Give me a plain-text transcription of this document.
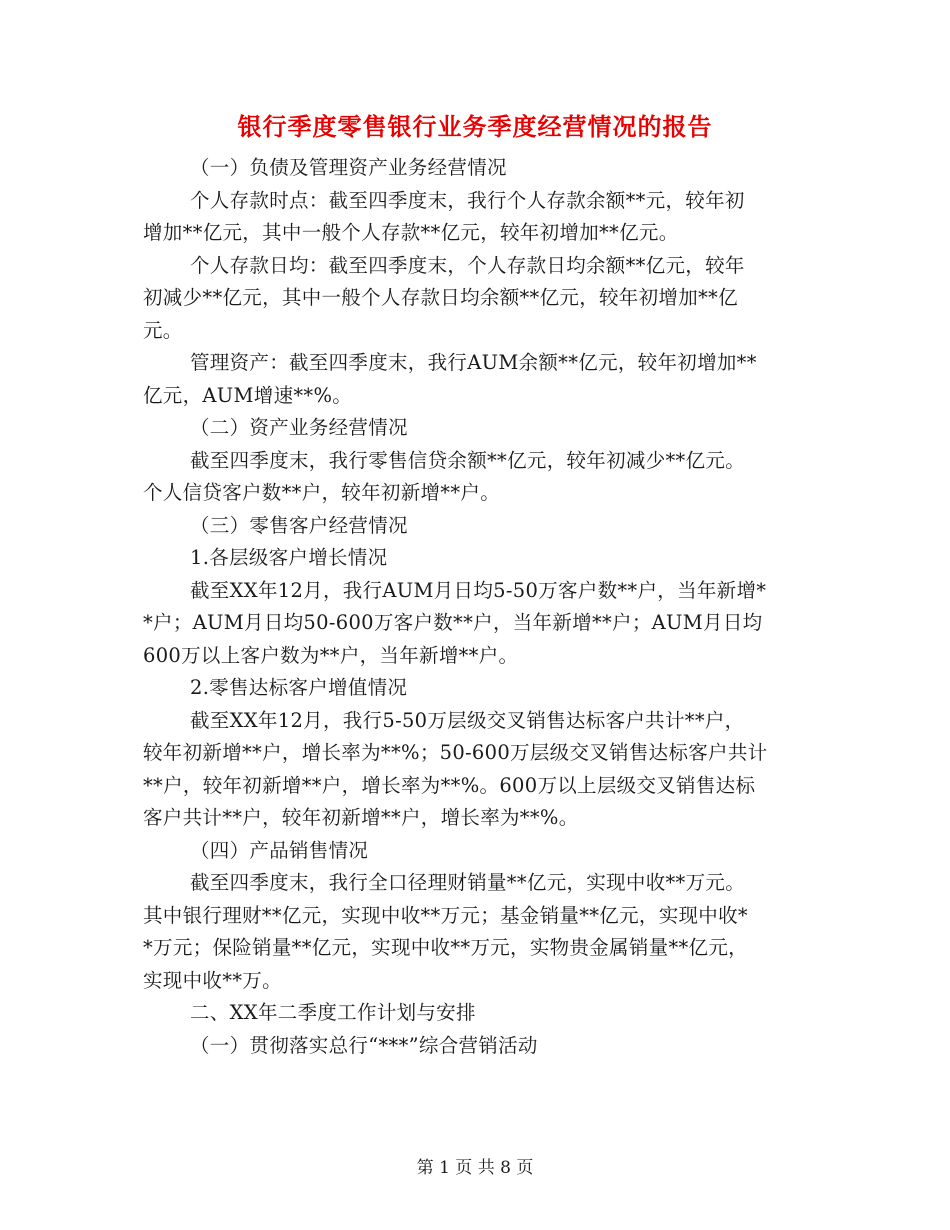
银行季度零售银行业务季度经营情况的报告
（一）负债及管理资产业务经营情况
个人存款时点：截至四季度末，我行个人存款余额**元，较年初
增加**亿元，其中一般个人存款**亿元，较年初增加**亿元。
个人存款日均：截至四季度末，个人存款日均余额**亿元，较年
初减少**亿元，其中一般个人存款日均余额**亿元，较年初增加**亿
元。
管理资产：截至四季度末，我行AUM余额**亿元，较年初增加**
亿元，AUM增速**%。
（二）资产业务经营情况
截至四季度末，我行零售信贷余额**亿元，较年初减少**亿元。
个人信贷客户数**户，较年初新增**户。
（三）零售客户经营情况
1.各层级客户增长情况
截至XX年12月，我行AUM月日均5-50万客户数**户，当年新增*
*户；AUM月日均50-600万客户数**户，当年新增**户；AUM月日均
600万以上客户数为**户，当年新增**户。
2.零售达标客户增值情况
截至XX年12月，我行5-50万层级交叉销售达标客户共计**户，
较年初新增**户，增长率为**%；50-600万层级交叉销售达标客户共计
**户，较年初新增**户，增长率为**%。600万以上层级交叉销售达标
客户共计**户，较年初新增**户，增长率为**%。
（四）产品销售情况
截至四季度末，我行全口径理财销量**亿元，实现中收**万元。
其中银行理财**亿元，实现中收**万元；基金销量**亿元，实现中收*
*万元；保险销量**亿元，实现中收**万元，实物贵金属销量**亿元，
实现中收**万。
二、XX年二季度工作计划与安排
（一）贯彻落实总行“***”综合营销活动
第 1 页 共 8 页
